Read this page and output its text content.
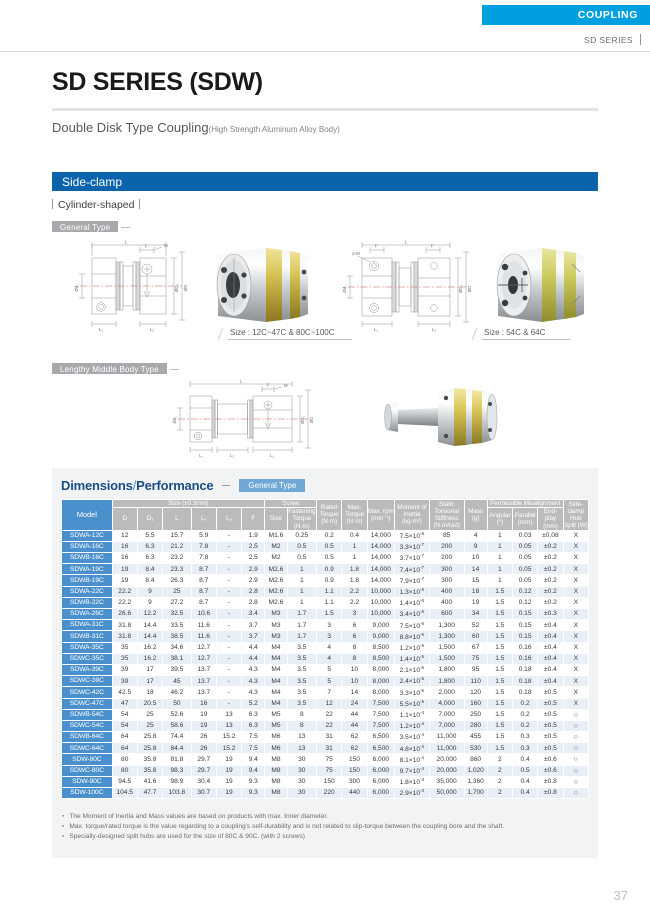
COUPLING
SD SERIES
SD SERIES (SDW)
Double Disk Type Coupling(High Strength Aluminum Alloy Body)
Side-clamp
Cylinder-shaped
General Type
L
F	M
L₁	L₂
ØD₁ ØD
Ød₁
L
F	F
2-M
L₁	L₂
ØD₁ ØD
Ød₁
Size : 12C~47C & 80C~100C	Size : 54C & 64C
Lengthy Middle Body Type
L
F	M
L₁	L₂	L₁
ØD₁ ØD
Ød₁
Dimensions/Performance	General Type
Model	Size (±0.3mm)						Screw		Rated Torque (N·m)	Max. Torque (N·m)	Max. rpm (min⁻¹)	Moment of Inertia (kg·m²)	Static Torsional Stiffness (N·m/rad)	Mass (g)	Permissible Misalignment			Side-clamp Hub Split (W)
	D	D₁	L	L₁	L₂	F	Size	Fastening Torque (N·m)							Angular (°)	Parallel (mm)	End-play (mm)	
SDWA-12C	12	5.5	15.7	5.9	-	1.9	M1.6	0.25	0.2	0.4	14,000	$7.5\times 10^{-8}$	85	4	1	0.03	±0.08	X
SDWA-16C	16	6.3	21.2	7.8	-	2.5	M2	0.5	0.5	1	14,000	$3.3\times 10^{-7}$	200	9	1	0.05	±0.2	X
SDWB-16C	16	6.3	23.2	7.8	-	2.5	M2	0.5	0.5	1	14,000	$3.7\times 10^{-7}$	200	10	1	0.05	±0.2	X
SDWA-19C	19	8.4	23.3	8.7	-	2.9	M2.6	1	0.9	1.8	14,000	$7.4\times 10^{-7}$	300	14	1	0.05	±0.2	X
SDWB-19C	19	8.4	26.3	8.7	-	2.9	M2.6	1	0.9	1.8	14,000	$7.9\times 10^{-7}$	300	15	1	0.05	±0.2	X
SDWA-22C	22.2	9	25	8.7	-	2.8	M2.6	1	1.1	2.2	10,000	$1.3\times 10^{-6}$	400	18	1.5	0.12	±0.2	X
SDWB-22C	22.2	9	27.2	8.7	-	2.8	M2.6	1	1.1	2.2	10,000	$1.4\times 10^{-6}$	400	19	1.5	0.12	±0.2	X
SDWA-26C	26.6	12.2	32.5	10.6	-	3.4	M3	1.7	1.5	3	10,000	$3.4\times 10^{-6}$	600	34	1.5	0.15	±0.3	X
SDWA-31C	31.8	14.4	33.5	11.6	-	3.7	M3	1.7	3	6	9,000	$7.5\times 10^{-6}$	1,300	52	1.5	0.15	±0.4	X
SDWB-31C	31.8	14.4	38.5	11.6	-	3.7	M3	1.7	3	6	9,000	$8.8\times 10^{-6}$	1,300	60	1.5	0.15	±0.4	X
SDWA-35C	35	16.2	34.6	12.7	-	4.4	M4	3.5	4	8	8,500	$1.2\times 10^{-5}$	1,500	67	1.5	0.16	±0.4	X
SDWC-35C	35	16.2	38.1	12.7	-	4.4	M4	3.5	4	8	8,500	$1.4\times 10^{-5}$	1,500	75	1.5	0.16	±0.4	X
SDWA-39C	39	17	39.5	13.7	-	4.3	M4	3.5	5	10	8,000	$2.1\times 10^{-5}$	1,800	95	1.5	0.18	±0.4	X
SDWC-39C	39	17	45	13.7	-	4.3	M4	3.5	5	10	8,000	$2.4\times 10^{-5}$	1,800	110	1.5	0.18	±0.4	X
SDWC-42C	42.5	18	46.2	13.7	-	4.3	M4	3.5	7	14	8,000	$3.3\times 10^{-5}$	2,000	120	1.5	0.18	±0.5	X
SDWC-47C	47	20.5	50	16	-	5.2	M4	3.5	12	24	7,500	$5.5\times 10^{-5}$	4,000	160	1.5	0.2	±0.5	X
SDWB-54C	54	25	52.6	19	13	6.3	M5	8	22	44	7,500	$1.1\times 10^{-4}$	7,000	250	1.5	0.2	±0.5	○
SDWC-54C	54	25	58.6	19	13	6.3	M5	8	22	44	7,500	$1.2\times 10^{-4}$	7,000	280	1.5	0.2	±0.5	○
SDWB-64C	64	25.8	74.4	26	15.2	7.5	M6	13	31	62	6,500	$3.5\times 10^{-4}$	11,000	455	1.5	0.3	±0.5	○
SDWC-64C	64	25.8	84.4	26	15.2	7.5	M6	13	31	62	6,500	$4.8\times 10^{-4}$	11,000	530	1.5	0.3	±0.5	○
SDW-80C	80	35.8	81.8	29.7	19	9.4	M8	30	75	150	6,000	$8.1\times 10^{-4}$	20,000	860	2	0.4	±0.6	○
SDWC-80C	80	35.8	98.3	29.7	19	9.4	M8	30	75	150	6,000	$9.7\times 10^{-4}$	20,000	1,020	2	0.5	±0.6	○
SDW-90C	94.5	41.6	98.9	30.4	19	9.3	M8	30	150	300	6,000	$1.8\times 10^{-3}$	35,000	1,360	2	0.4	±0.8	○
SDW-100C	104.5	47.7	103.8	30.7	19	9.3	M8	30	220	440	6,000	$2.9\times 10^{-3}$	50,000	1,700	2	0.4	±0.8	○
▪ The Moment of Inertia and Mass values are based on products with max. Inner diameter.
▪ Max. torque/rated torque is the value regarding to a coupling's self-durability and is not related to slip-torque between the coupling bore and the shaft.
▪ Specially-designed split hubs are used for the size of 80C & 90C. (with 2 screws)
37
